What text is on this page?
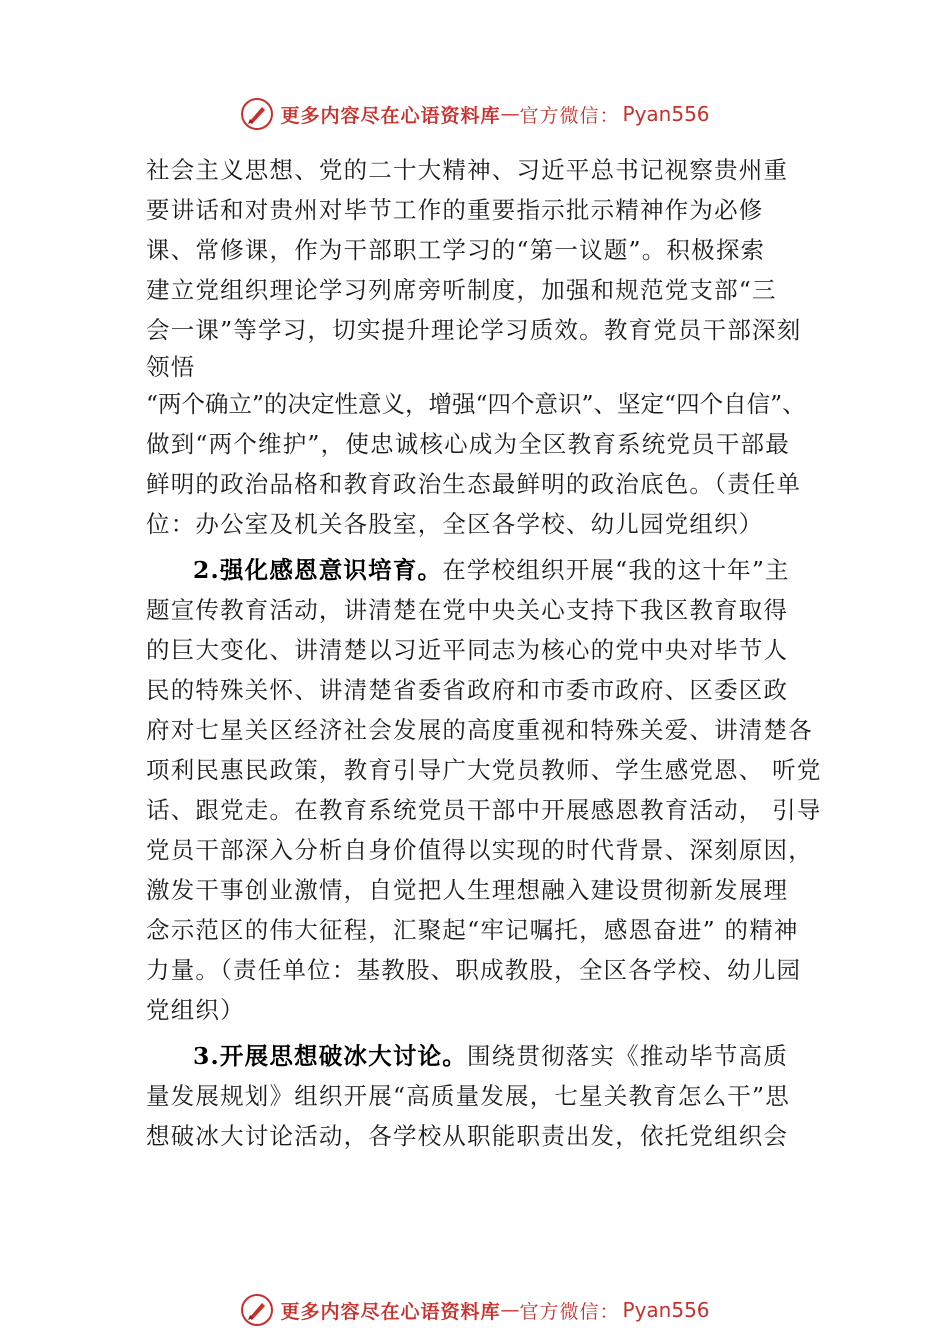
更多内容尽在心语资料库 — 官方微信 ： Pyan556
社会主义思想、党的二十大精神、习近平总书记视察贵州重
要讲话和对贵州对毕节工作的重要指示批示精神作为必修
课、常修课，作为干部职工学习的“第一议题”。积极探索
建立党组织理论学习列席旁听制度，加强和规范党支部“三
会一课”等学习，切实提升理论学习质效。教育党员干部深刻
领悟
“两个确立”的决定性意义，增强“四个意识”、坚定“四个自信”、
做到“两个维护”，使忠诚核心成为全区教育系统党员干部最
鲜明的政治品格和教育政治生态最鲜明的政治底色。（责任单
位：办公室及机关各股室，全区各学校、幼儿园党组织）
2.强化感恩意识培育。在学校组织开展“我的这十年”主
题宣传教育活动，讲清楚在党中央关心支持下我区教育取得
的巨大变化、讲清楚以习近平同志为核心的党中央对毕节人
民的特殊关怀、讲清楚省委省政府和市委市政府、区委区政
府对七星关区经济社会发展的高度重视和特殊关爱、讲清楚各
项利民惠民政策，教育引导广大党员教师、学生感党恩、 听党
话、跟党走。在教育系统党员干部中开展感恩教育活动， 引导
党员干部深入分析自身价值得以实现的时代背景、深刻原因，
激发干事创业激情，自觉把人生理想融入建设贯彻新发展理
念示范区的伟大征程，汇聚起“牢记嘱托，感恩奋进” 的精神
力量。（责任单位：基教股、职成教股，全区各学校、幼儿园
党组织）
3.开展思想破冰大讨论。围绕贯彻落实《推动毕节高质
量发展规划》组织开展“高质量发展，七星关教育怎么干”思
想破冰大讨论活动，各学校从职能职责出发，依托党组织会
更多内容尽在心语资料库 — 官方微信 ： Pyan556
